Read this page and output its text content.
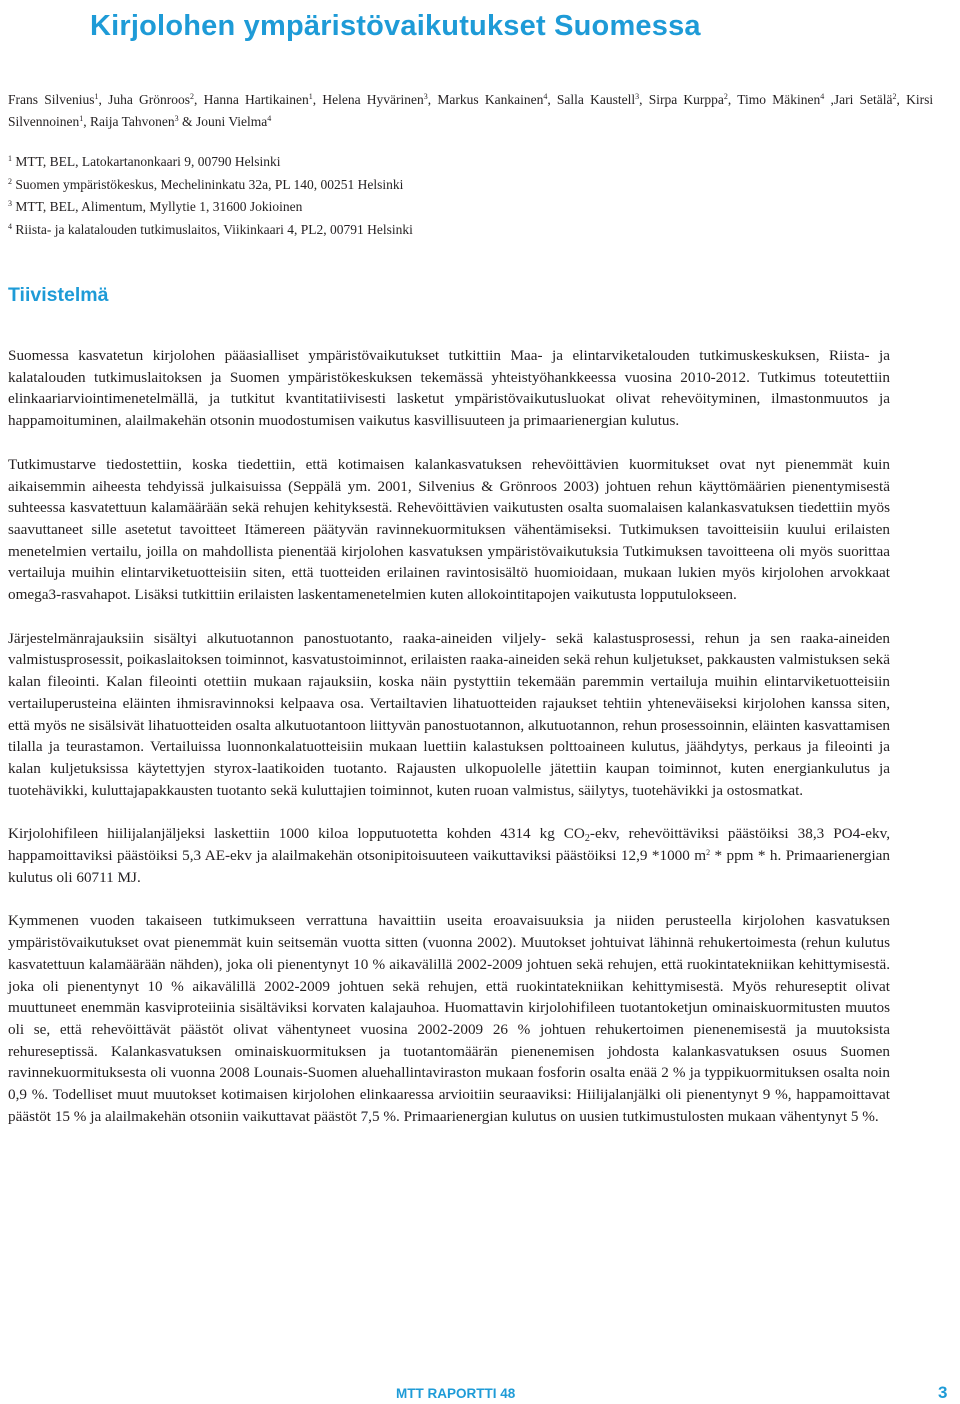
Kirjolohen ympäristövaikutukset Suomessa
Frans Silvenius$^1$, Juha Grönroos$^2$, Hanna Hartikainen$^1$, Helena Hyvärinen$^3$, Markus Kankainen$^4$, Salla Kaustell$^3$, Sirpa Kurppa$^2$, Timo Mäkinen$^4$ ,Jari Setälä$^2$, Kirsi Silvennoinen$^1$, Raija Tahvonen$^3$ & Jouni Vielma$^4$
$^1$ MTT, BEL, Latokartanonkaari 9, 00790 Helsinki
$^2$ Suomen ympäristökeskus, Mechelininkatu 32a, PL 140, 00251 Helsinki
$^3$ MTT, BEL, Alimentum, Myllytie 1, 31600 Jokioinen
$^4$ Riista- ja kalatalouden tutkimuslaitos, Viikinkaari 4, PL2, 00791 Helsinki
Tiivistelmä

Suomessa kasvatetun kirjolohen pääasialliset ympäristövaikutukset tutkittiin Maa- ja elintarviketalouden tutkimuskeskuksen, Riista- ja kalatalouden tutkimuslaitoksen ja Suomen ympäristökeskuksen tekemässä yhteistyöhankkeessa vuosina 2010-2012. Tutkimus toteutettiin elinkaariarviointimenetelmällä, ja tutkitut kvantitatiivisesti lasketut ympäristövaikutusluokat olivat rehevöityminen, ilmastonmuutos ja happamoituminen, alailmakehän otsonin muodostumisen vaikutus kasvillisuuteen ja primaarienergian kulutus.

Tutkimustarve tiedostettiin, koska tiedettiin, että kotimaisen kalankasvatuksen rehevöittävien kuormitukset ovat nyt pienemmät kuin aikaisemmin aiheesta tehdyissä julkaisuissa (Seppälä ym. 2001, Silvenius & Grönroos 2003) johtuen rehun käyttömäärien pienentymisestä suhteessa kasvatettuun kalamäärään sekä rehujen kehityksestä. Rehevöittävien vaikutusten osalta suomalaisen kalankasvatuksen tiedettiin myös saavuttaneet sille asetetut tavoitteet Itämereen päätyvän ravinnekuormituksen vähentämiseksi. Tutkimuksen tavoitteisiin kuului erilaisten menetelmien vertailu, joilla on mahdollista pienentää kirjolohen kasvatuksen ympäristövaikutuksia Tutkimuksen tavoitteena oli myös suorittaa vertailuja muihin elintarviketuotteisiin siten, että tuotteiden erilainen ravintosisältö huomioidaan, mukaan lukien myös kirjolohen arvokkaat omega3-rasvahapot. Lisäksi tutkittiin erilaisten laskentamenetelmien kuten allokointitapojen vaikutusta lopputulokseen.

Järjestelmänrajauksiin sisältyi alkutuotannon panostuotanto, raaka-aineiden viljely- sekä kalastusprosessi, rehun ja sen raaka-aineiden valmistusprosessit, poikaslaitoksen toiminnot, kasvatustoiminnot, erilaisten raaka-aineiden sekä rehun kuljetukset, pakkausten valmistuksen sekä kalan fileointi. Kalan fileointi otettiin mukaan rajauksiin, koska näin pystyttiin tekemään paremmin vertailuja muihin elintarviketuotteisiin vertailuperusteina eläinten ihmisravinnoksi kelpaava osa. Vertailtavien lihatuotteiden rajaukset tehtiin yhteneväiseksi kirjolohen kanssa siten, että myös ne sisälsivät lihatuotteiden osalta alkutuotantoon liittyvän panostuotannon, alkutuotannon, rehun prosessoinnin, eläinten kasvattamisen tilalla ja teurastamon. Vertailuissa luonnonkalatuotteisiin mukaan luettiin kalastuksen polttoaineen kulutus, jäähdytys, perkaus ja fileointi ja kalan kuljetuksissa käytettyjen styrox-laatikoiden tuotanto. Rajausten ulkopuolelle jätettiin kaupan toiminnot, kuten energiankulutus ja tuotehävikki, kuluttajapakkausten tuotanto sekä kuluttajien toiminnot, kuten ruoan valmistus, säilytys, tuotehävikki ja ostosmatkat.

Kirjolohifileen hiilijalanjäljeksi laskettiin 1000 kiloa lopputuotetta kohden 4314 kg $CO_2$-ekv, rehevöittäviksi päästöiksi 38,3 PO4-ekv, happamoittaviksi päästöiksi 5,3 AE-ekv ja alailmakehän otsonipitoisuuteen vaikuttaviksi päästöiksi 12,9 *1000 $m^2$ * ppm * h. Primaarienergian kulutus oli 60711 MJ.

Kymmenen vuoden takaiseen tutkimukseen verrattuna havaittiin useita eroavaisuuksia ja niiden perusteella kirjolohen kasvatuksen ympäristövaikutukset ovat pienemmät kuin seitsemän vuotta sitten (vuonna 2002). Muutokset johtuivat lähinnä rehukertoimesta (rehun kulutus kasvatettuun kalamäärään nähden), joka oli pienentynyt 10 % aikavälillä 2002-2009 johtuen sekä rehujen, että ruokintatekniikan kehittymisestä. joka oli pienentynyt 10 % aikavälillä 2002-2009 johtuen sekä rehujen, että ruokintatekniikan kehittymisestä. Myös rehureseptit olivat muuttuneet enemmän kasviproteiinia sisältäviksi korvaten kalajauhoa. Huomattavin kirjolohifileen tuotantoketjun ominaiskuormitusten muutos oli se, että rehevöittävät päästöt olivat vähentyneet vuosina 2002-2009 26 % johtuen rehukertoimen pienenemisestä ja muutoksista rehureseptissä. Kalankasvatuksen ominaiskuormituksen ja tuotantomäärän pienenemisen johdosta kalankasvatuksen osuus Suomen ravinnekuormituksesta oli vuonna 2008 Lounais-Suomen aluehallintaviraston mukaan fosforin osalta enää 2 % ja typpikuormituksen osalta noin 0,9 %. Todelliset muut muutokset kotimaisen kirjolohen elinkaaressa arvioitiin seuraaviksi: Hiilijalanjälki oli pienentynyt 9 %, happamoittavat päästöt 15 % ja alailmakehän otsoniin vaikuttavat päästöt 7,5 %. Primaarienergian kulutus on uusien tutkimustulosten mukaan vähentynyt 5 %.

MTT RAPORTTI 48	3
